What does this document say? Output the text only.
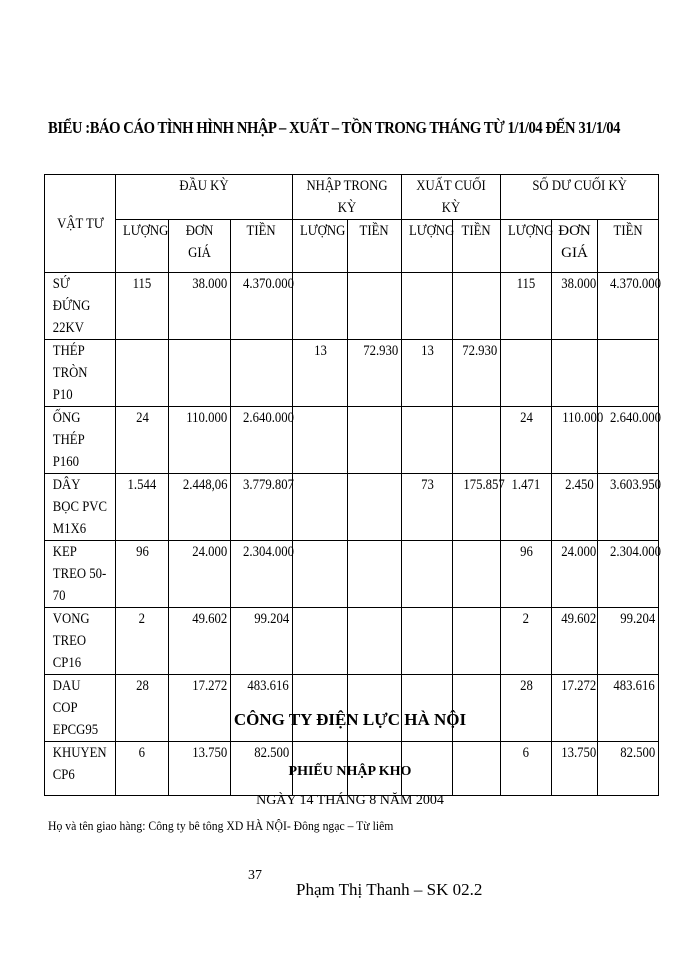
BIỂU :BÁO CÁO TÌNH HÌNH NHẬP – XUẤT – TỒN TRONG THÁNG TỪ 1/1/04 ĐẾN 31/1/04
VẬT TƯ	ĐẦU KỲ			NHẬP TRONG KỲ		XUẤT CUỐI KỲ		SỐ DƯ CUỐI KỲ		
	LƯỢNG	ĐƠN GIÁ	TIỀN	LƯỢNG	TIỀN	LƯỢNG	TIỀN	LƯỢNG	ĐƠN GIÁ	TIỀN
SỨ ĐỨNG 22KV	115	38.000	4.370.000					115	38.000	4.370.000
THÉP TRÒN P10				13	72.930	13	72.930			
ỐNG THÉP P160	24	110.000	2.640.000					24	110.000	2.640.000
DÂY BỌC PVC M1X6	1.544	2.448,06	3.779.807			73	175.857	1.471	2.450	3.603.950
KEP TREO 50-70	96	24.000	2.304.000					96	24.000	2.304.000
VONG TREO CP16	2	49.602	99.204					2	49.602	99.204
DAU COP EPCG95	28	17.272	483.616					28	17.272	483.616
KHUYEN CP6	6	13.750	82.500					6	13.750	82.500
CÔNG TY ĐIỆN LỰC HÀ NỘI
PHIẾU NHẬP KHO
NGÀY 14 THÁNG 8 NĂM 2004
Họ và tên giao hàng: Công ty bê tông XD HÀ NỘI- Đông ngạc – Từ liêm
37
Phạm Thị Thanh – SK 02.2
